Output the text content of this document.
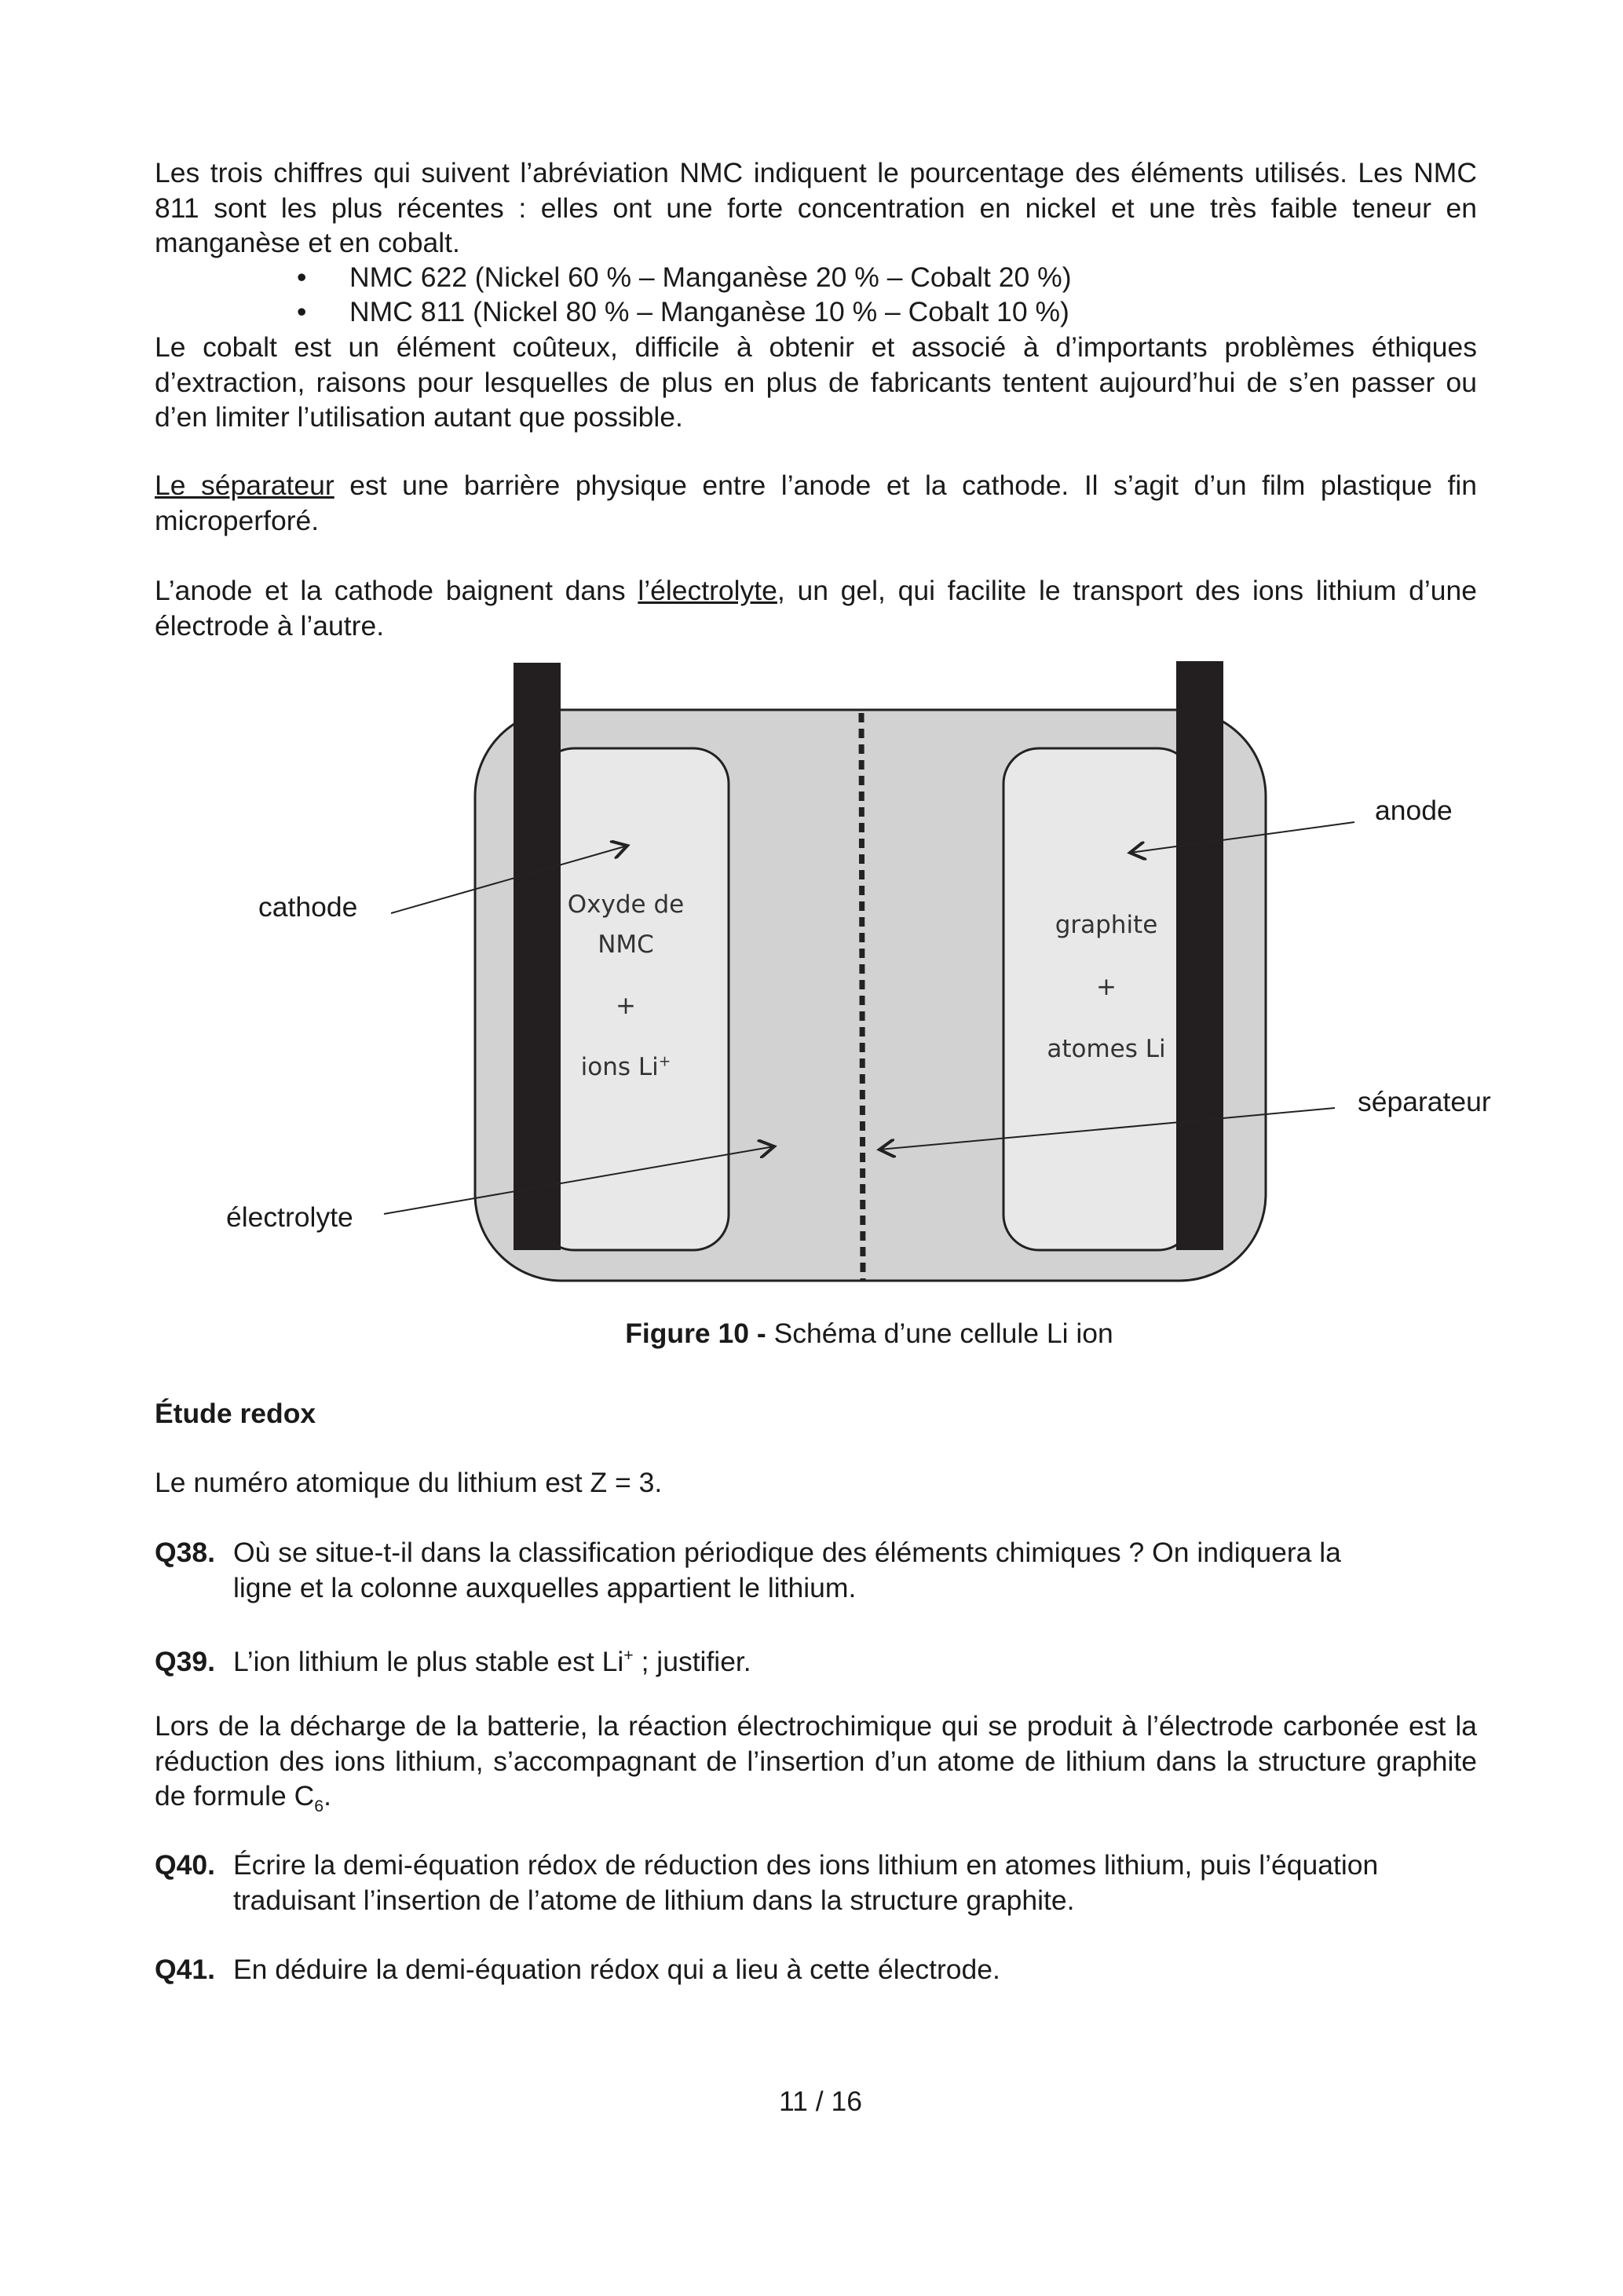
Les trois chiffres qui suivent l’abréviation NMC indiquent le pourcentage des éléments utilisés. Les NMC 811 sont les plus récentes : elles ont une forte concentration en nickel et une très faible teneur en manganèse et en cobalt.

• NMC 622 (Nickel 60 % – Manganèse 20 % – Cobalt 20 %)
• NMC 811 (Nickel 80 % – Manganèse 10 % – Cobalt 10 %)

Le cobalt est un élément coûteux, difficile à obtenir et associé à d’importants problèmes éthiques d’extraction, raisons pour lesquelles de plus en plus de fabricants tentent aujourd’hui de s’en passer ou d’en limiter l’utilisation autant que possible.

Le séparateur est une barrière physique entre l’anode et la cathode. Il s’agit d’un film plastique fin microperforé.

L’anode et la cathode baignent dans l’électrolyte, un gel, qui facilite le transport des ions lithium d’une électrode à l’autre.

cathode
anode
séparateur
électrolyte
Oxyde de
NMC
+
ions Li+
graphite
+
atomes Li
Figure 10 - Schéma d’une cellule Li ion
Étude redox
Le numéro atomique du lithium est Z = 3.
Q38. Où se situe-t-il dans la classification périodique des éléments chimiques ? On indiquera la
ligne et la colonne auxquelles appartient le lithium.
Q39. L’ion lithium le plus stable est Li+ ; justifier.

Lors de la décharge de la batterie, la réaction électrochimique qui se produit à l’électrode carbonée est la réduction des ions lithium, s’accompagnant de l’insertion d’un atome de lithium dans la structure graphite de formule $C_6$.

Q40. Écrire la demi-équation rédox de réduction des ions lithium en atomes lithium, puis l’équation
traduisant l’insertion de l’atome de lithium dans la structure graphite.
Q41. En déduire la demi-équation rédox qui a lieu à cette électrode.
11 / 16
